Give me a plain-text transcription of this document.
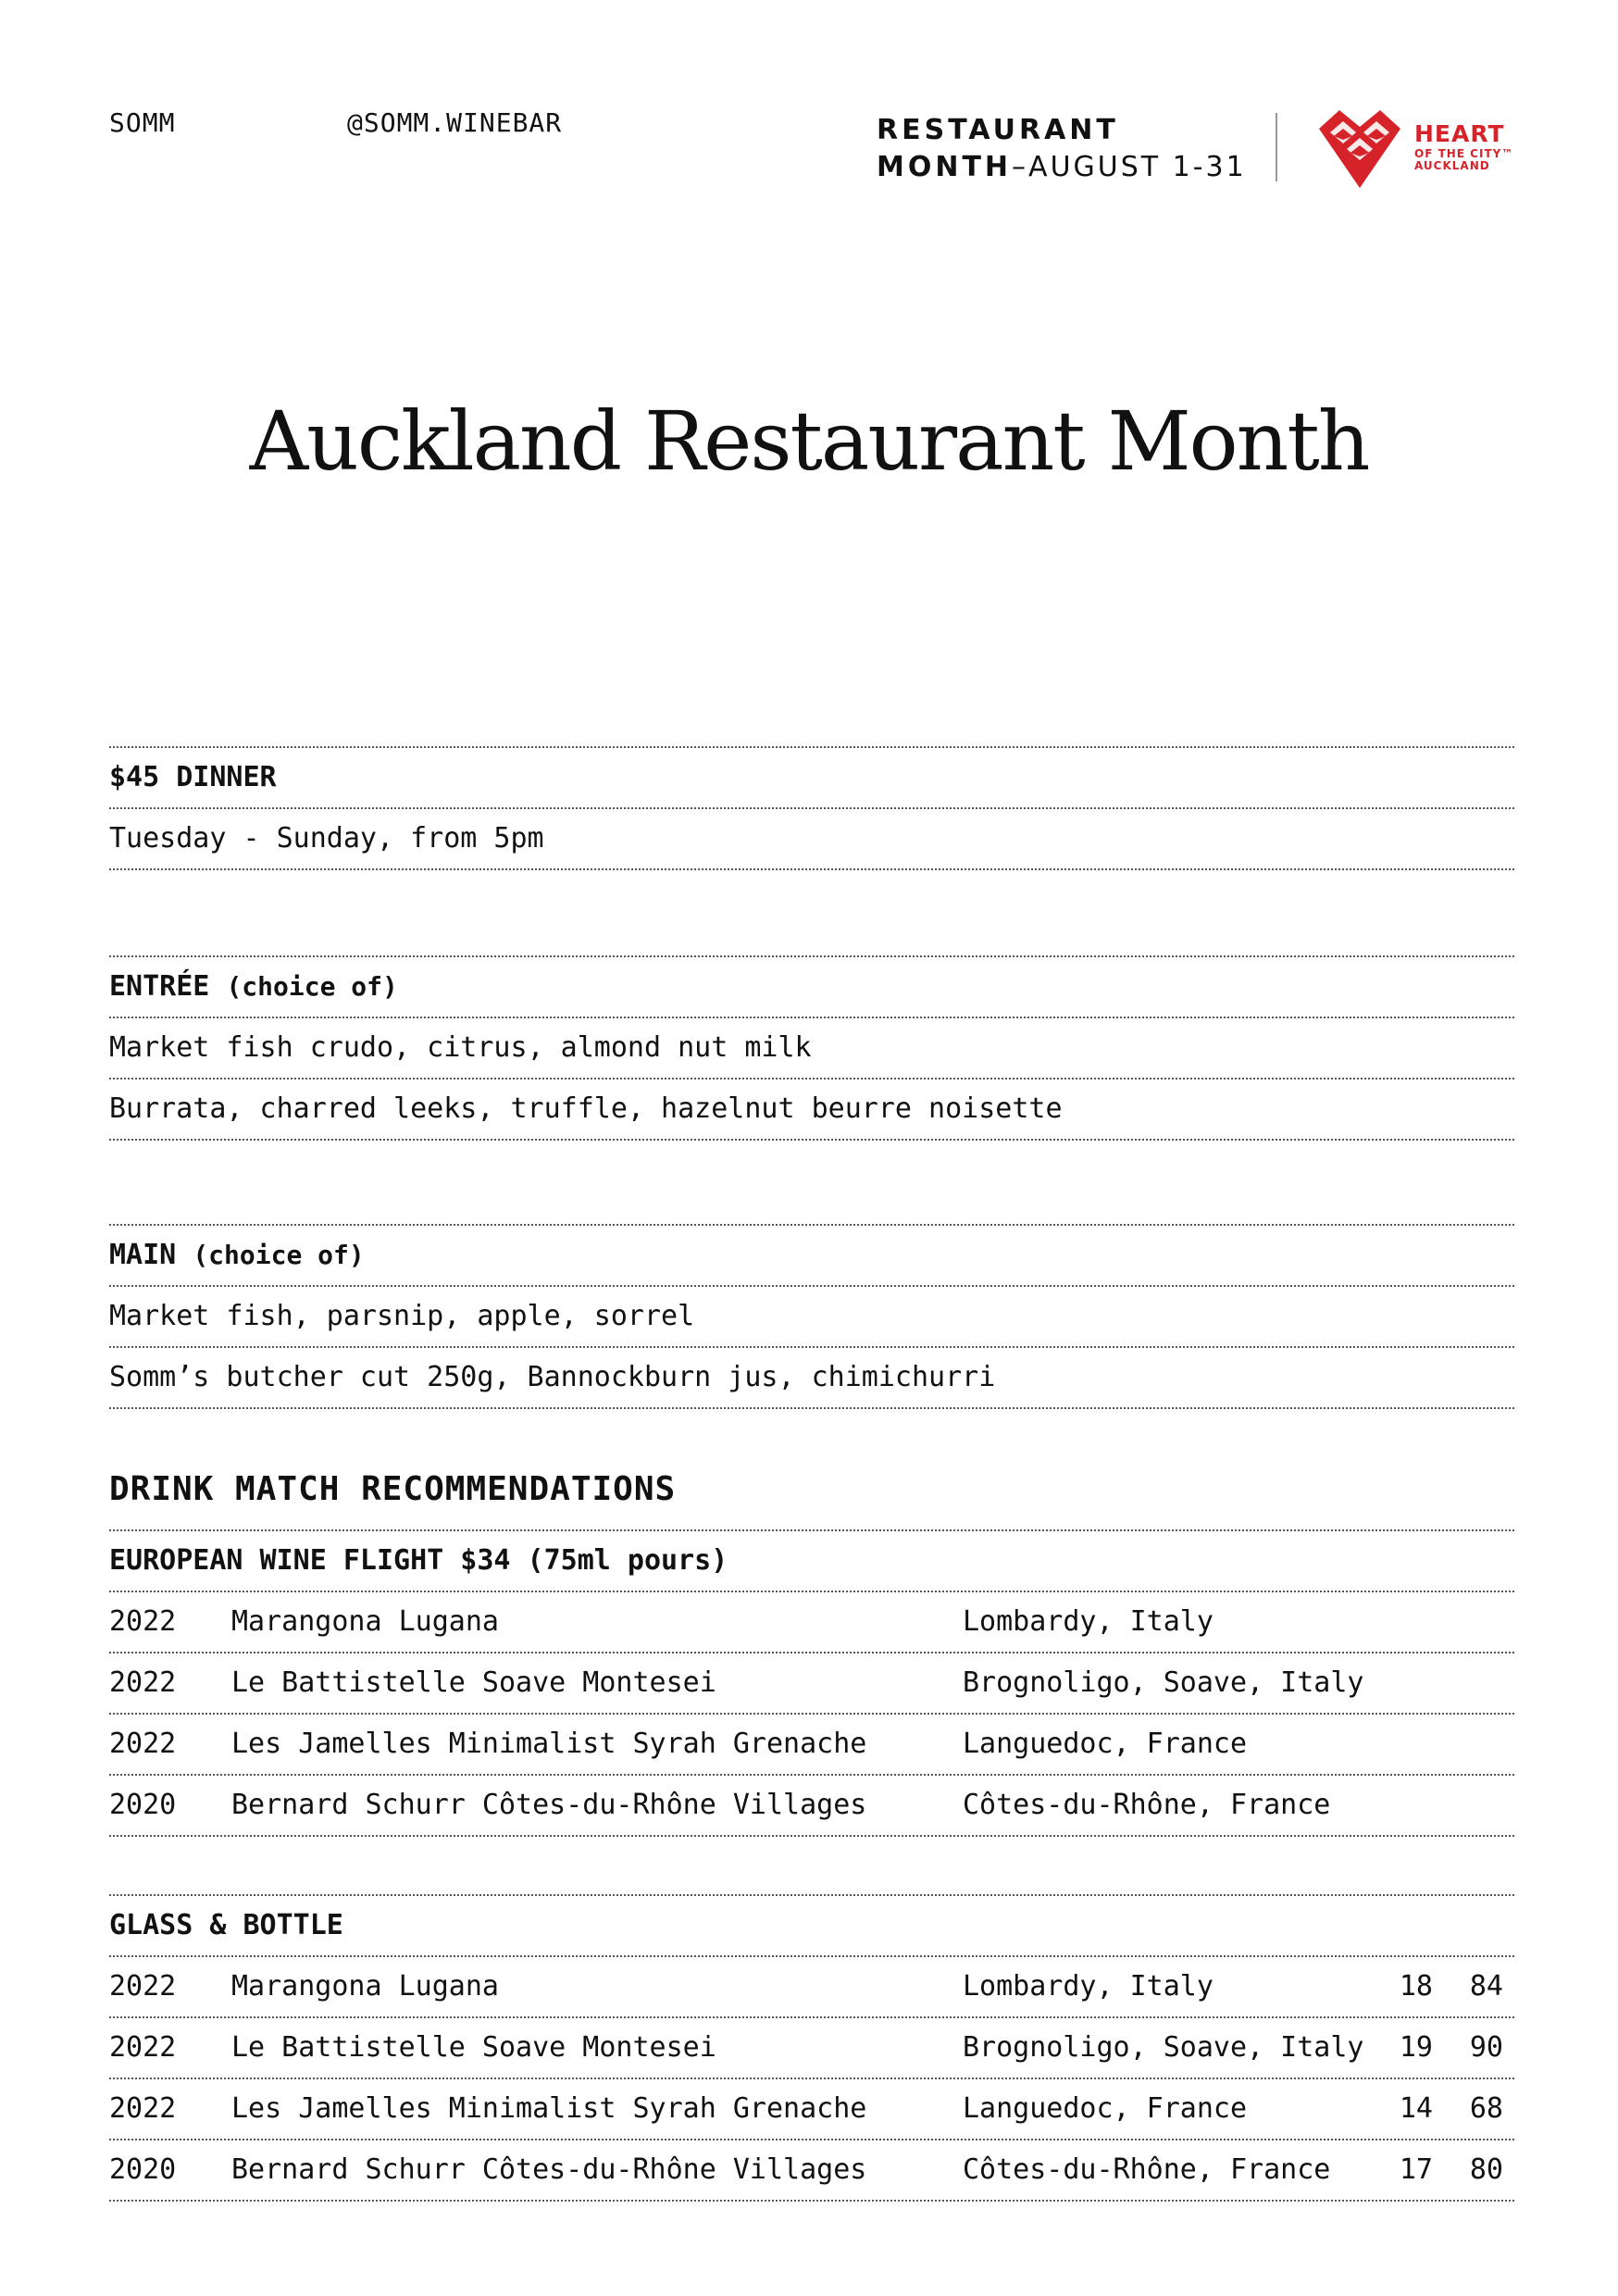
SOMM	@SOMM.WINEBAR	RESTAURANT
MONTH–AUGUST 1-31
HEART
OF THE CITY™
AUCKLAND
Auckland Restaurant Month
$45 DINNER
Tuesday - Sunday, from 5pm
ENTRÉE (choice of)
Market fish crudo, citrus, almond nut milk
Burrata, charred leeks, truffle, hazelnut beurre noisette
MAIN (choice of)
Market fish, parsnip, apple, sorrel
Somm’s butcher cut 250g, Bannockburn jus, chimichurri
DRINK MATCH RECOMMENDATIONS
EUROPEAN WINE FLIGHT $34 (75ml pours)
2022 Marangona Lugana	Lombardy, Italy
2022 Le Battistelle Soave Montesei	Brognoligo, Soave, Italy
2022 Les Jamelles Minimalist Syrah Grenache	Languedoc, France
2020 Bernard Schurr Côtes-du-Rhône Villages	Côtes-du-Rhône, France
GLASS & BOTTLE
2022 Marangona Lugana	Lombardy, Italy	18 84
2022 Le Battistelle Soave Montesei	Brognoligo, Soave, Italy 19 90
2022 Les Jamelles Minimalist Syrah Grenache	Languedoc, France	14 68
2020 Bernard Schurr Côtes-du-Rhône Villages	Côtes-du-Rhône, France 17 80
